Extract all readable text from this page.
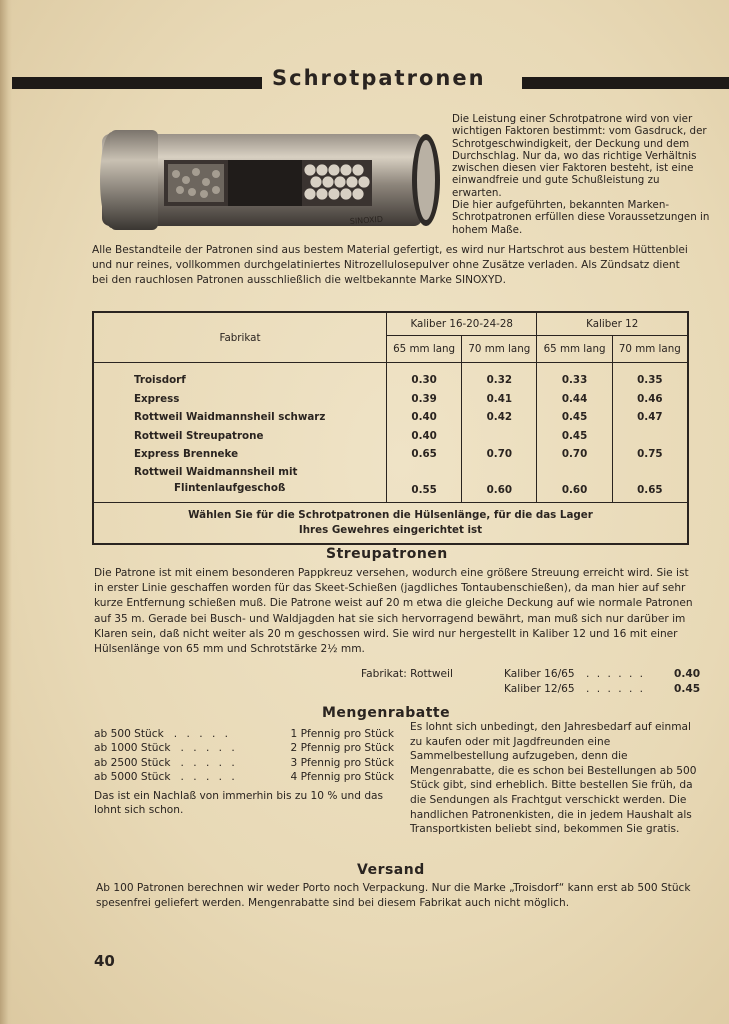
Schrotpatronen
SINOXID

Die Leistung einer Schrotpatrone wird von vier wichtigen Faktoren bestimmt: vom Gasdruck, der Schrotgeschwindigkeit, der Deckung und dem Durchschlag. Nur da, wo das richtige Verhältnis zwischen diesen vier Faktoren besteht, ist eine einwandfreie und gute Schußleistung zu erwarten.

Die hier aufgeführten, bekannten Marken-Schrotpatronen erfüllen diese Voraussetzungen in hohem Maße.

Alle Bestandteile der Patronen sind aus bestem Material gefertigt, es wird nur Hartschrot aus bestem Hüttenblei und nur reines, vollkommen durchgelatiniertes Nitrozellulosepulver ohne Zusätze verladen. Als Zündsatz dient bei den rauchlosen Patronen ausschließlich die weltbekannte Marke SINOXYD.
Fabrikat	Kaliber 16-20-24-28		Kaliber 12	
	65 mm lang	70 mm lang	65 mm lang	70 mm lang

Troisdorf	0.30	0.32	0.33	0.35
Express	0.39	0.41	0.44	0.46
Rottweil Waidmannsheil schwarz	0.40	0.42	0.45	0.47
Rottweil Streupatrone	0.40		0.45	
Express Brenneke	0.65	0.70	0.70	0.75
Rottweil Waidmannsheil mit
Flintenlaufgeschoß	0.55	0.60	0.60	0.65
Wählen Sie für die Schrotpatronen die Hülsenlänge, für die das Lager
Ihres Gewehres eingerichtet ist				
Streupatronen
Die Patrone ist mit einem besonderen Pappkreuz versehen, wodurch eine größere Streuung erreicht wird. Sie ist in erster Linie geschaffen worden für das Skeet-Schießen (jagdliches Tontaubenschießen), da man hier auf sehr kurze Entfernung schießen muß. Die Patrone weist auf 20 m etwa die gleiche Deckung auf wie normale Patronen auf 35 m. Gerade bei Busch- und Waldjagden hat sie sich hervorragend bewährt, man muß sich nur darüber im Klaren sein, daß nicht weiter als 20 m geschossen wird. Sie wird nur hergestellt in Kaliber 12 und 16 mit einer Hülsenlänge von 65 mm und Schrotstärke 2½ mm.
Fabrikat: Rottweil	Kaliber 16/65 . . . . . .	0.40
Kaliber 12/65 . . . . . .	0.45
Mengenrabatte
ab 500 Stück . . . . .	1 Pfennig pro Stück
ab 1000 Stück . . . . .	2 Pfennig pro Stück
ab 2500 Stück . . . . .	3 Pfennig pro Stück
ab 5000 Stück . . . . .	4 Pfennig pro Stück
Das ist ein Nachlaß von immerhin bis zu 10 % und das lohnt sich schon.
Es lohnt sich unbedingt, den Jahresbedarf auf einmal zu kaufen oder mit Jagdfreunden eine Sammelbestellung aufzugeben, denn die Mengenrabatte, die es schon bei Bestellungen ab 500 Stück gibt, sind erheblich. Bitte bestellen Sie früh, da die Sendungen als Frachtgut verschickt werden. Die handlichen Patronenkisten, die in jedem Haushalt als Transportkisten beliebt sind, bekommen Sie gratis.
Versand
Ab 100 Patronen berechnen wir weder Porto noch Verpackung. Nur die Marke „Troisdorf“ kann erst ab 500 Stück spesenfrei geliefert werden. Mengenrabatte sind bei diesem Fabrikat auch nicht möglich.
40
